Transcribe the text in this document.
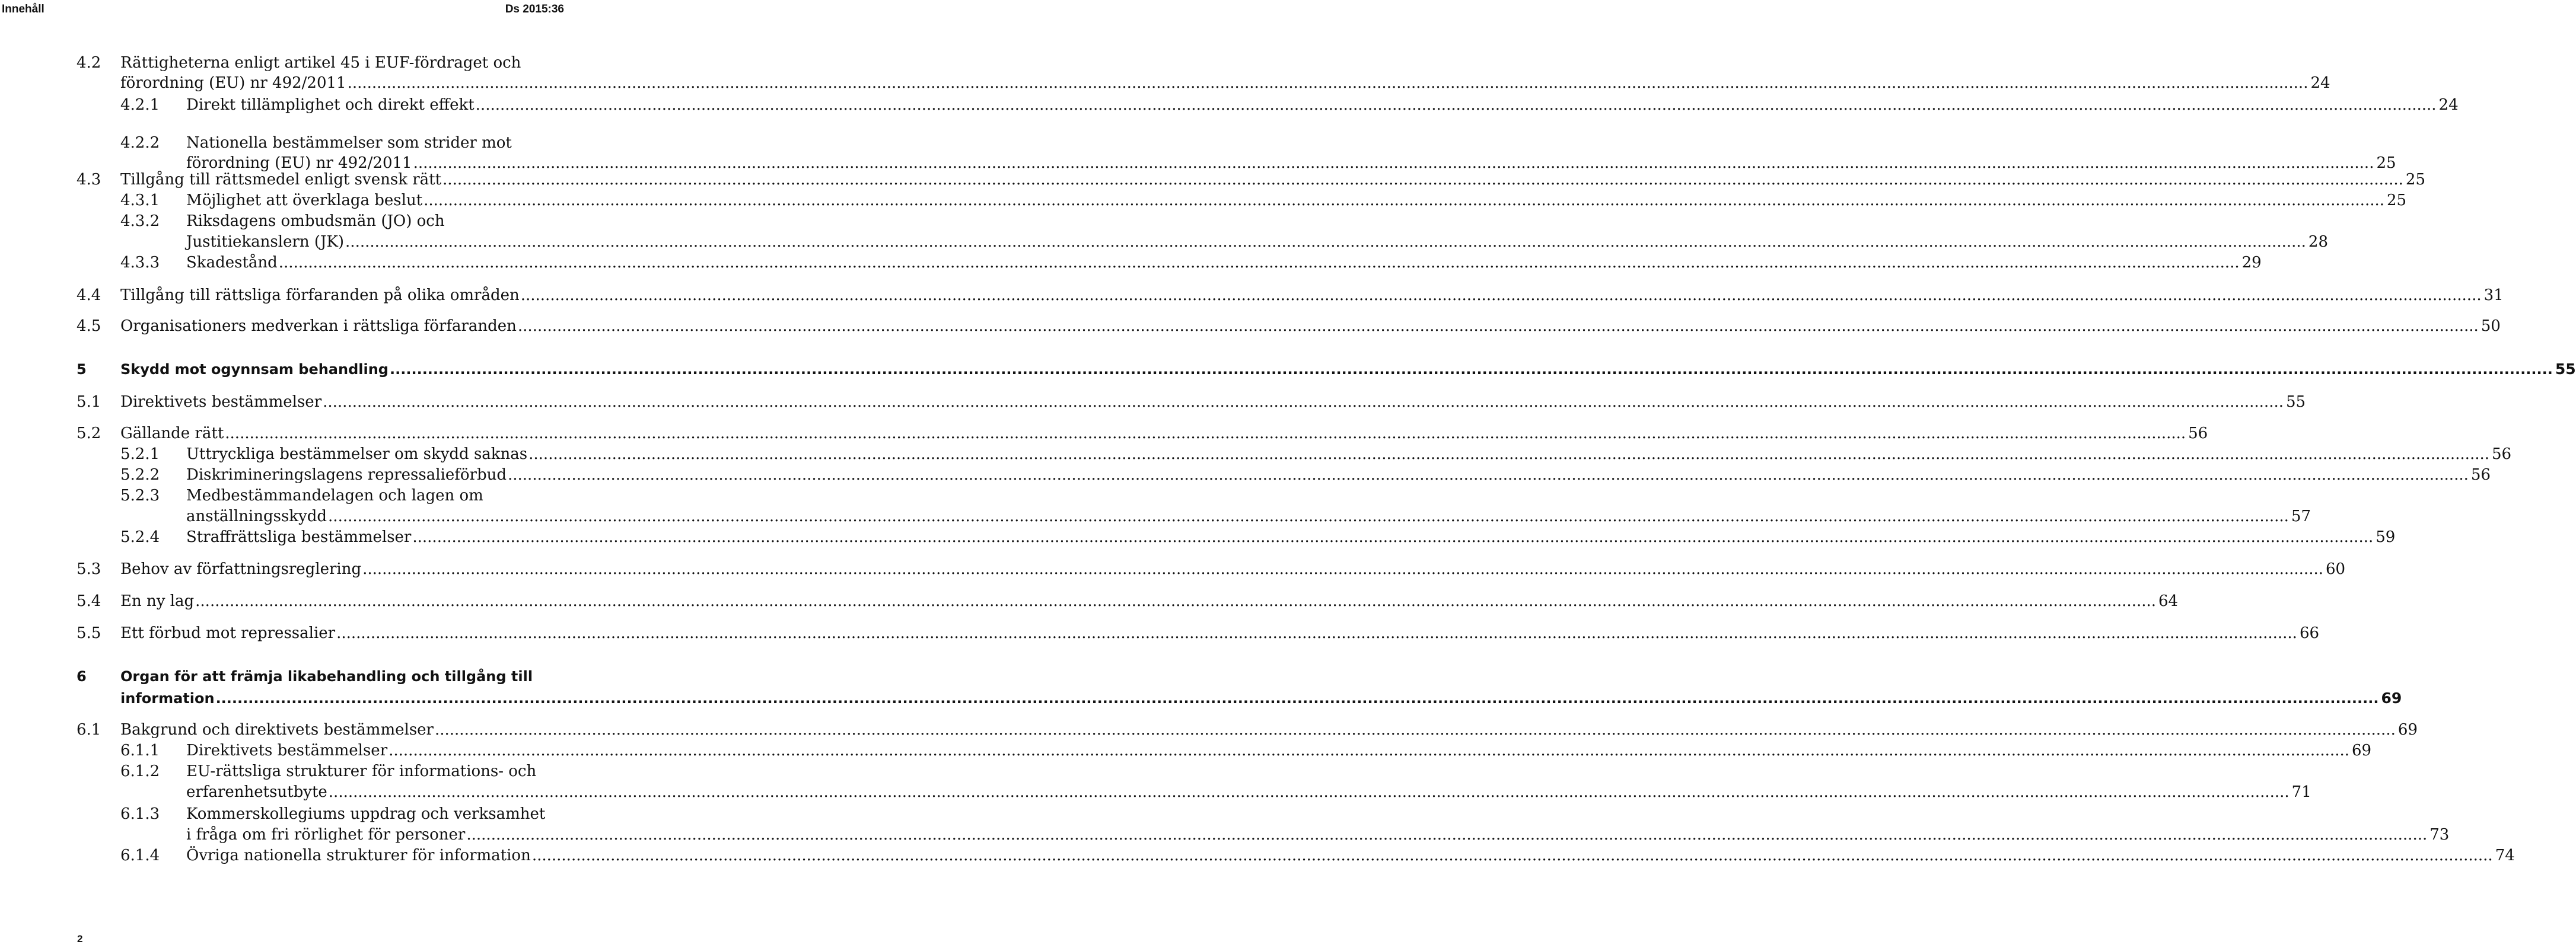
Innehåll	Ds 2015:36
4.2 Rättigheterna enligt artikel 45 i EUF-fördraget och
förordning (EU) nr 492/2011 ................................................................................................................................................................................................................................................................................................................................................................................................................ 24
4.2.1 Direkt tillämplighet och direkt effekt ................................................................................................................................................................................................................................................................................................................................................................................................................ 24
4.2.2 Nationella bestämmelser som strider mot
förordning (EU) nr 492/2011 ................................................................................................................................................................................................................................................................................................................................................................................................................ 25
4.3 Tillgång till rättsmedel enligt svensk rätt ................................................................................................................................................................................................................................................................................................................................................................................................................ 25
4.3.1 Möjlighet att överklaga beslut ................................................................................................................................................................................................................................................................................................................................................................................................................ 25
4.3.2 Riksdagens ombudsmän (JO) och
Justitiekanslern (JK) ................................................................................................................................................................................................................................................................................................................................................................................................................ 28
4.3.3 Skadestånd ................................................................................................................................................................................................................................................................................................................................................................................................................ 29
4.4 Tillgång till rättsliga förfaranden på olika områden ................................................................................................................................................................................................................................................................................................................................................................................................................ 31
4.5 Organisationers medverkan i rättsliga förfaranden ................................................................................................................................................................................................................................................................................................................................................................................................................ 50
5 Skydd mot ogynnsam behandling ................................................................................................................................................................................................................................................................................................................................................................................................................ 55
5.1 Direktivets bestämmelser ................................................................................................................................................................................................................................................................................................................................................................................................................ 55
5.2 Gällande rätt ................................................................................................................................................................................................................................................................................................................................................................................................................ 56
5.2.1 Uttryckliga bestämmelser om skydd saknas ................................................................................................................................................................................................................................................................................................................................................................................................................ 56
5.2.2 Diskrimineringslagens repressalieförbud ................................................................................................................................................................................................................................................................................................................................................................................................................ 56
5.2.3 Medbestämmandelagen och lagen om
anställningsskydd ................................................................................................................................................................................................................................................................................................................................................................................................................ 57
5.2.4 Straffrättsliga bestämmelser ................................................................................................................................................................................................................................................................................................................................................................................................................ 59
5.3 Behov av författningsreglering ................................................................................................................................................................................................................................................................................................................................................................................................................ 60
5.4 En ny lag ................................................................................................................................................................................................................................................................................................................................................................................................................ 64
5.5 Ett förbud mot repressalier ................................................................................................................................................................................................................................................................................................................................................................................................................ 66
6 Organ för att främja likabehandling och tillgång till
information ................................................................................................................................................................................................................................................................................................................................................................................................................ 69
6.1 Bakgrund och direktivets bestämmelser ................................................................................................................................................................................................................................................................................................................................................................................................................ 69
6.1.1 Direktivets bestämmelser ................................................................................................................................................................................................................................................................................................................................................................................................................ 69
6.1.2 EU-rättsliga strukturer för informations- och
erfarenhetsutbyte ................................................................................................................................................................................................................................................................................................................................................................................................................ 71
6.1.3 Kommerskollegiums uppdrag och verksamhet
i fråga om fri rörlighet för personer ................................................................................................................................................................................................................................................................................................................................................................................................................ 73
6.1.4 Övriga nationella strukturer för information ................................................................................................................................................................................................................................................................................................................................................................................................................ 74
2
